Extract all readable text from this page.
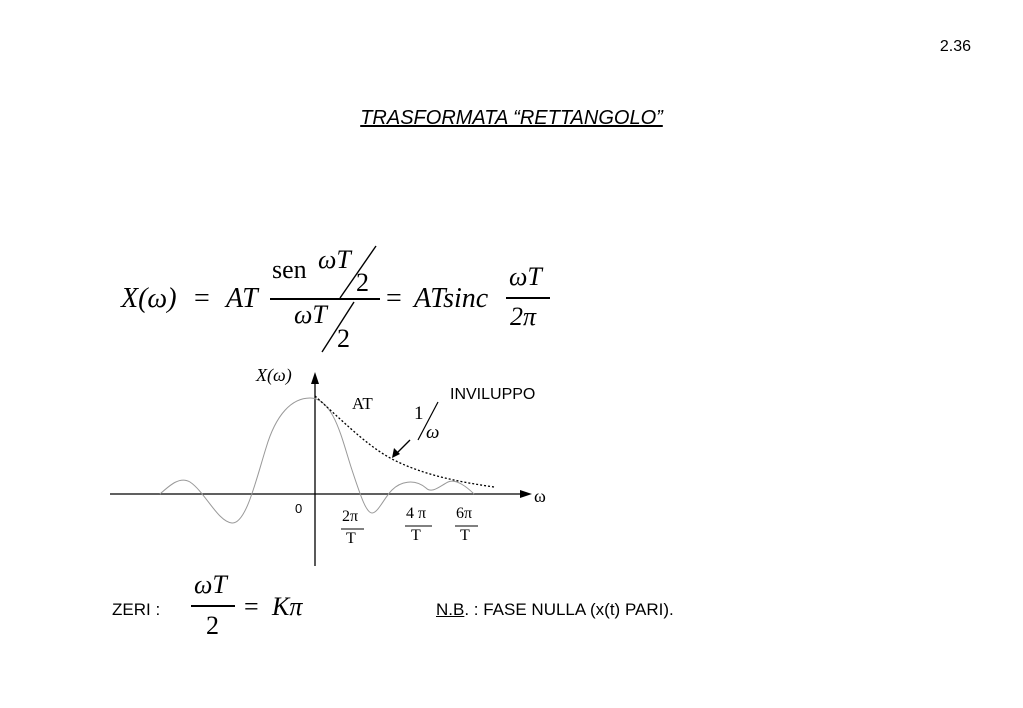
2.36
TRASFORMATA “RETTANGOLO”
X(ω) = AT
sen ωT
2
ωT
2
= ATsinc
ωT
2π
X(ω)
ω
0
AT	INVILUPPO
1
ω
2π
T
4 π
T
6π
T
ZERI :
ωT
2
= Kπ	N.B. : FASE NULLA (x(t) PARI).
